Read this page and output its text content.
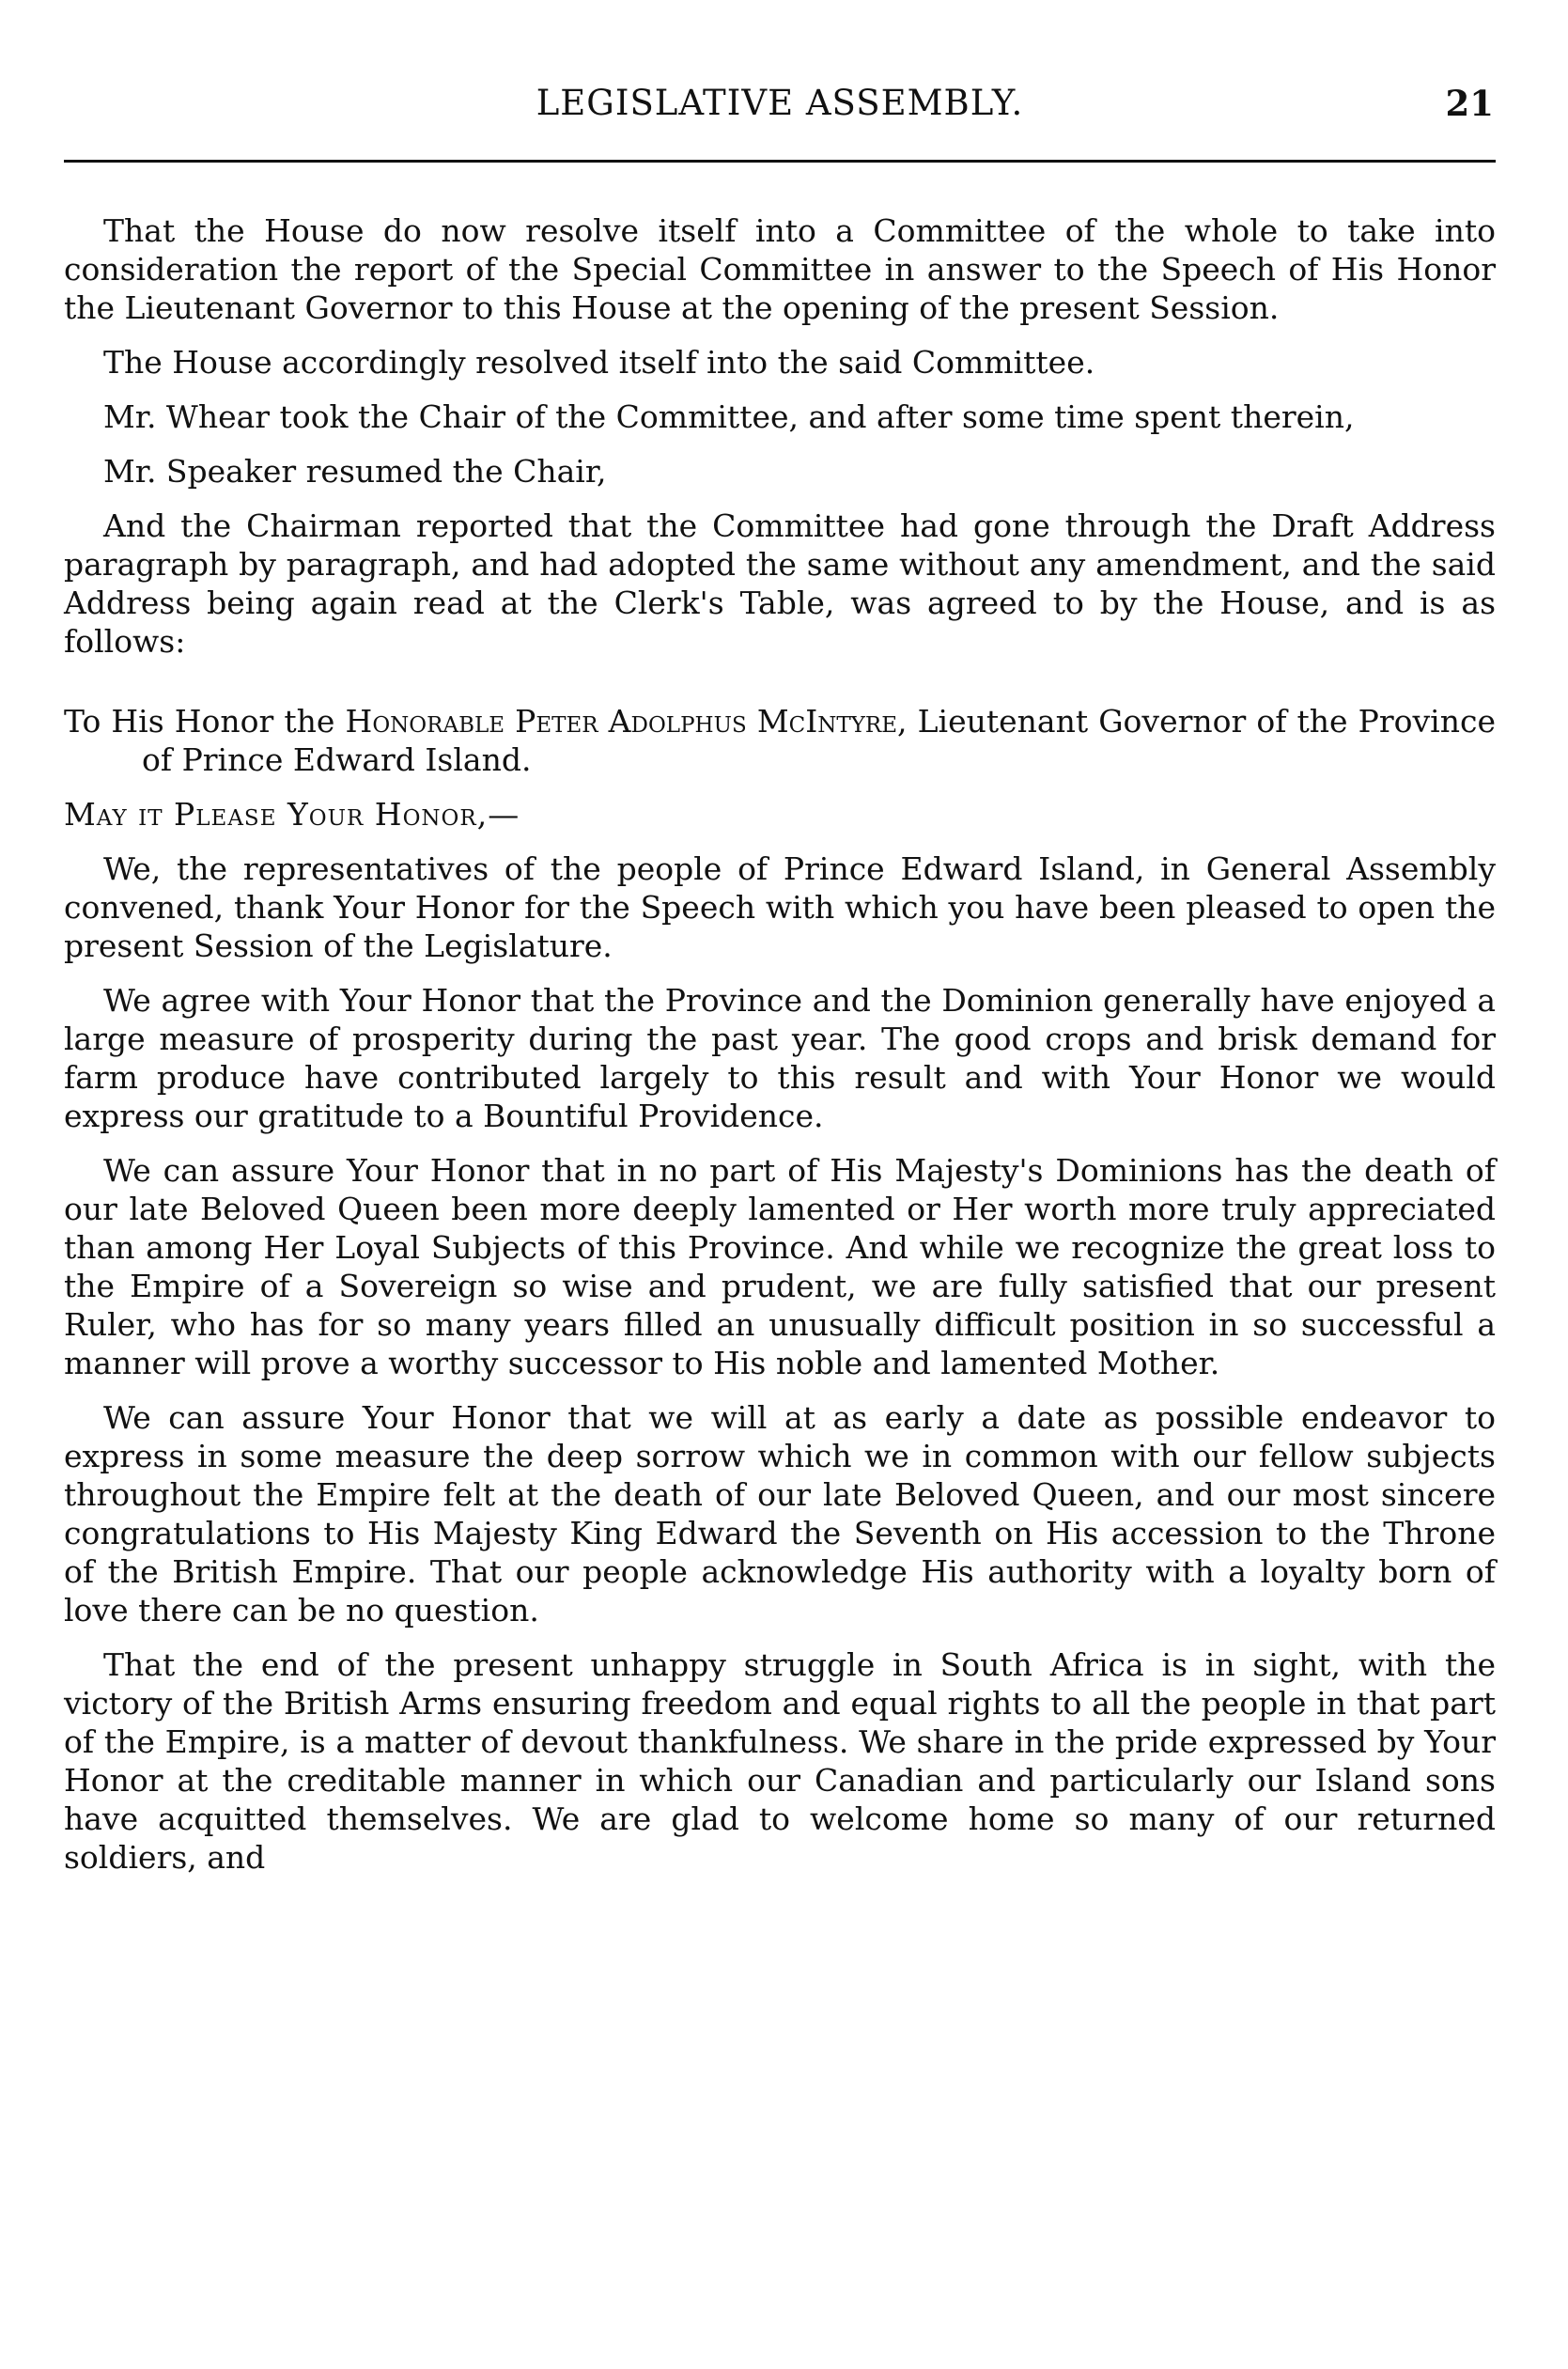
LEGISLATIVE ASSEMBLY.	21

That the House do now resolve itself into a Committee of the whole to take into consideration the report of the Special Committee in answer to the Speech of His Honor the Lieutenant Governor to this House at the opening of the present Session.

The House accordingly resolved itself into the said Committee.

Mr. Whear took the Chair of the Committee, and after some time spent therein,

Mr. Speaker resumed the Chair,

And the Chairman reported that the Committee had gone through the Draft Address paragraph by paragraph, and had adopted the same without any amendment, and the said Address being again read at the Clerk's Table, was agreed to by the House, and is as follows:

To His Honor the Honorable Peter Adolphus McIntyre, Lieutenant Governor of the Province of Prince Edward Island.

May it Please Your Honor,—

We, the representatives of the people of Prince Edward Island, in General Assembly convened, thank Your Honor for the Speech with which you have been pleased to open the present Session of the Legislature.

We agree with Your Honor that the Province and the Dominion generally have enjoyed a large measure of prosperity during the past year. The good crops and brisk demand for farm produce have contributed largely to this result and with Your Honor we would express our gratitude to a Bountiful Providence.

We can assure Your Honor that in no part of His Majesty's Dominions has the death of our late Beloved Queen been more deeply lamented or Her worth more truly appreciated than among Her Loyal Subjects of this Province. And while we recognize the great loss to the Empire of a Sovereign so wise and prudent, we are fully satisfied that our present Ruler, who has for so many years filled an unusually difficult position in so successful a manner will prove a worthy successor to His noble and lamented Mother.

We can assure Your Honor that we will at as early a date as possible endeavor to express in some measure the deep sorrow which we in common with our fellow subjects throughout the Empire felt at the death of our late Beloved Queen, and our most sincere congratulations to His Majesty King Edward the Seventh on His accession to the Throne of the British Empire. That our people acknowledge His authority with a loyalty born of love there can be no question.

That the end of the present unhappy struggle in South Africa is in sight, with the victory of the British Arms ensuring freedom and equal rights to all the people in that part of the Empire, is a matter of devout thankfulness. We share in the pride expressed by Your Honor at the creditable manner in which our Canadian and particularly our Island sons have acquitted themselves. We are glad to welcome home so many of our returned soldiers, and
